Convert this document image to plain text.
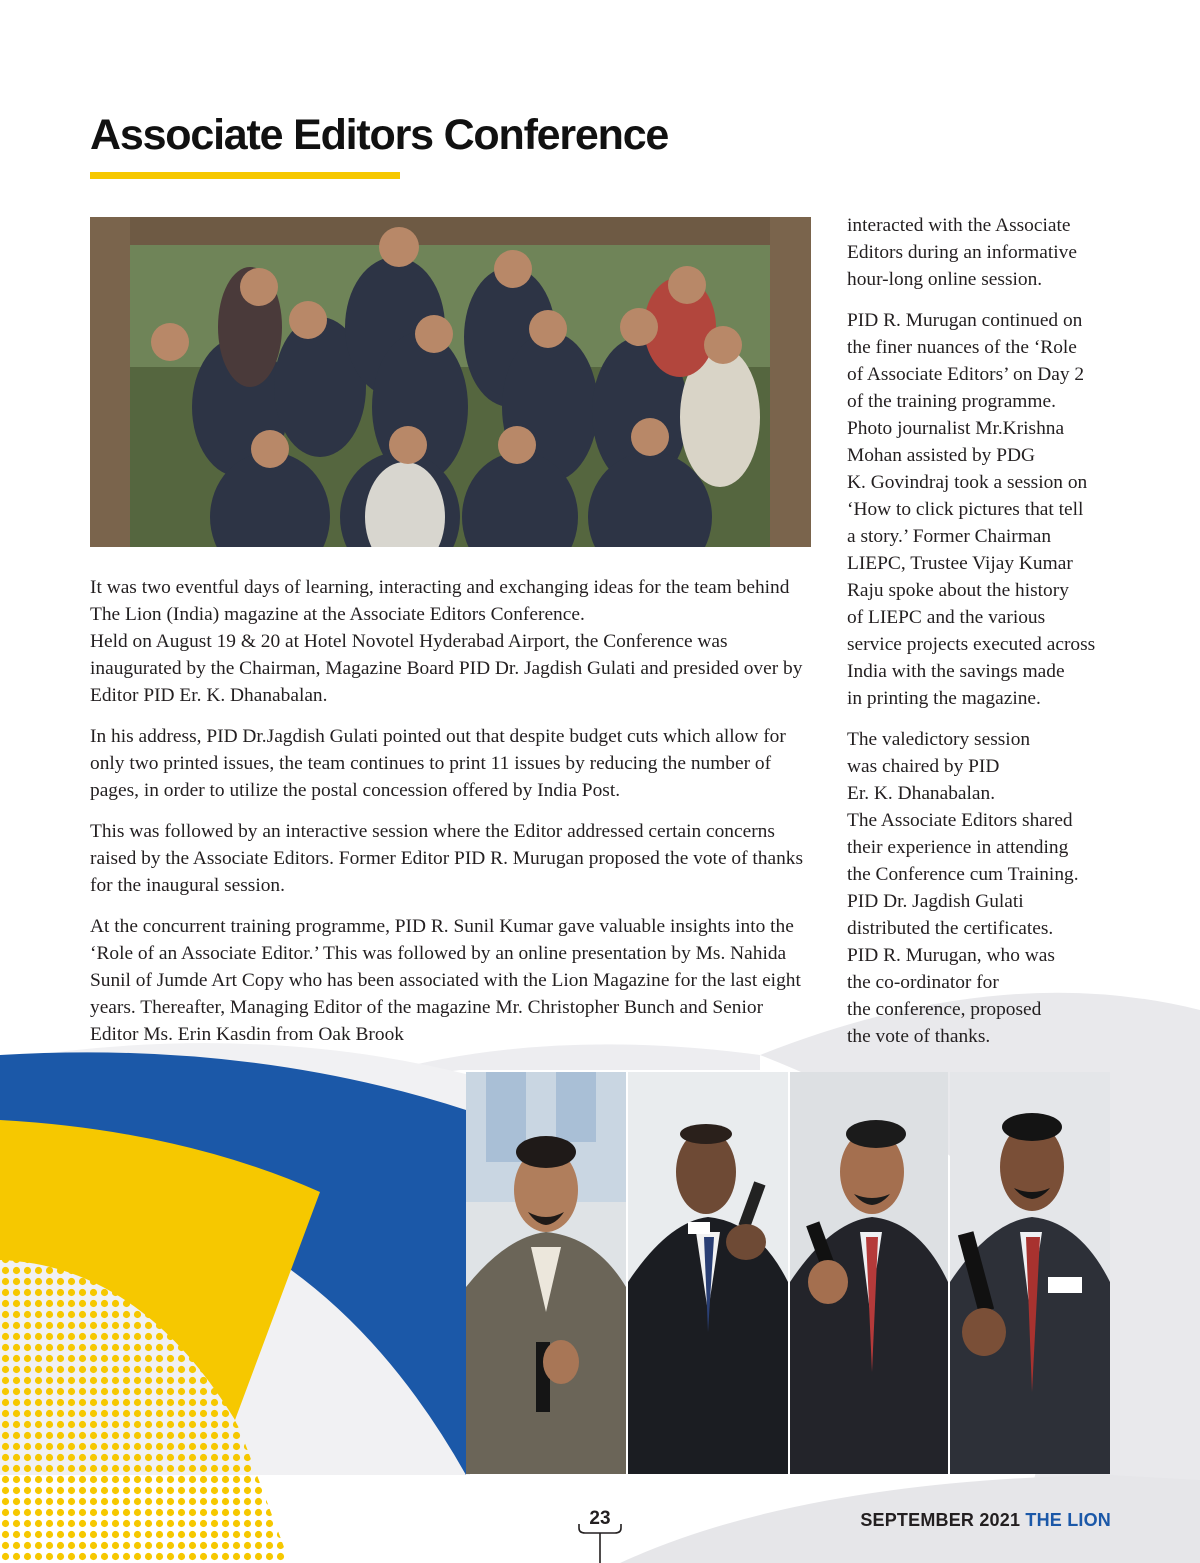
Associate Editors Conference

It was two eventful days of learning, interacting and exchanging ideas for the team behind The Lion (India) magazine at the Associate Editors Conference.
Held on August 19 & 20 at Hotel Novotel Hyderabad Airport, the Conference was inaugurated by the Chairman, Magazine Board PID Dr. Jagdish Gulati and presided over by Editor PID Er. K. Dhanabalan.

In his address, PID Dr.Jagdish Gulati pointed out that despite budget cuts which allow for only two printed issues, the team continues to print 11 issues by reducing the number of pages, in order to utilize the postal concession offered by India Post.

This was followed by an interactive session where the Editor addressed certain concerns raised by the Associate Editors. Former Editor PID R. Murugan proposed the vote of thanks for the inaugural session.

At the concurrent training programme, PID R. Sunil Kumar gave valuable insights into the ‘Role of an Associate Editor.’ This was followed by an online presentation by Ms. Nahida Sunil of Jumde Art Copy who has been associated with the Lion Magazine for the last eight years. Thereafter, Managing Editor of the magazine Mr. Christopher Bunch and Senior Editor Ms. Erin Kasdin from Oak Brook

interacted with the Associate
Editors during an informative
hour-long online session.

PID R. Murugan continued on
the finer nuances of the ‘Role
of Associate Editors’ on Day 2
of the training programme.
Photo journalist Mr.Krishna
Mohan assisted by PDG
K. Govindraj took a session on
‘How to click pictures that tell
a story.’ Former Chairman
LIEPC, Trustee Vijay Kumar
Raju spoke about the history
of LIEPC and the various
service projects executed across
India with the savings made
in printing the magazine.

The valedictory session
was chaired by PID
Er. K. Dhanabalan.
The Associate Editors shared
their experience in attending
the Conference cum Training.
PID Dr. Jagdish Gulati
distributed the certificates.
PID R. Murugan, who was
the co-ordinator for
the conference, proposed
the vote of thanks.

23	SEPTEMBER 2021 THE LION
